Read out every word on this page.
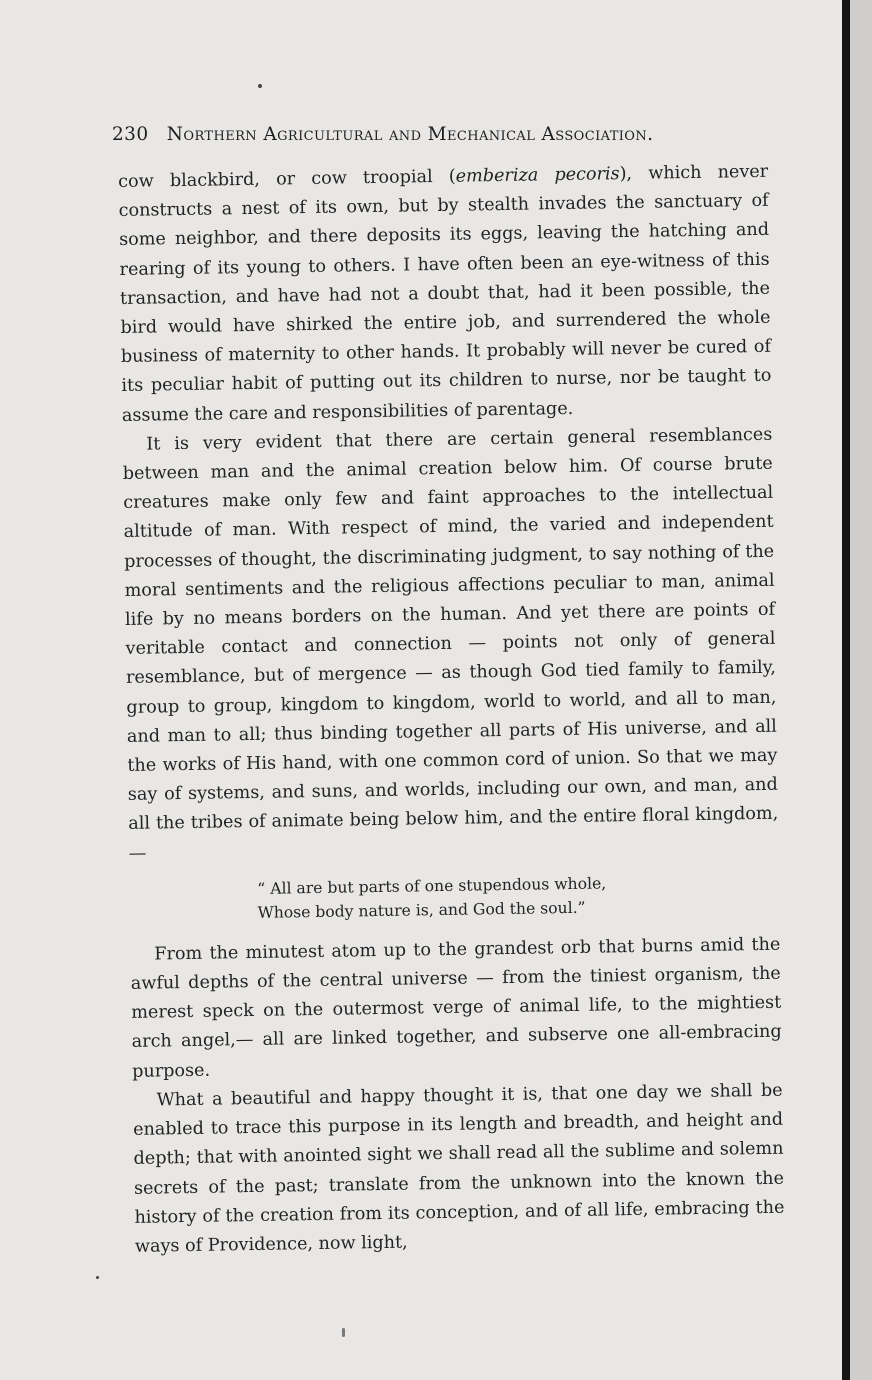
230 Northern Agricultural and Mechanical Association.

cow blackbird, or cow troopial (emberiza pecoris), which never constructs a nest of its own, but by stealth invades the sanctuary of some neighbor, and there deposits its eggs, leaving the hatching and rearing of its young to others. I have often been an eye-witness of this transaction, and have had not a doubt that, had it been possible, the bird would have shirked the entire job, and surrendered the whole business of maternity to other hands. It probably will never be cured of its peculiar habit of putting out its children to nurse, nor be taught to assume the care and responsibilities of parentage.

It is very evident that there are certain general resemblances between man and the animal creation below him. Of course brute creatures make only few and faint approaches to the intellectual altitude of man. With respect of mind, the varied and independent processes of thought, the discriminating judgment, to say nothing of the moral sentiments and the religious affections peculiar to man, animal life by no means borders on the human. And yet there are points of veritable contact and connection — points not only of general resemblance, but of mergence — as though God tied family to family, group to group, kingdom to kingdom, world to world, and all to man, and man to all; thus binding together all parts of His universe, and all the works of His hand, with one common cord of union. So that we may say of systems, and suns, and worlds, including our own, and man, and all the tribes of animate being below him, and the entire floral kingdom,—

“ All are but parts of one stupendous whole,
Whose body nature is, and God the soul.”

From the minutest atom up to the grandest orb that burns amid the awful depths of the central universe — from the tiniest organism, the merest speck on the outermost verge of animal life, to the mightiest arch angel,— all are linked together, and subserve one all-embracing purpose.

What a beautiful and happy thought it is, that one day we shall be enabled to trace this purpose in its length and breadth, and height and depth; that with anointed sight we shall read all the sublime and solemn secrets of the past; translate from the unknown into the known the history of the creation from its conception, and of all life, embracing the ways of Providence, now light,
